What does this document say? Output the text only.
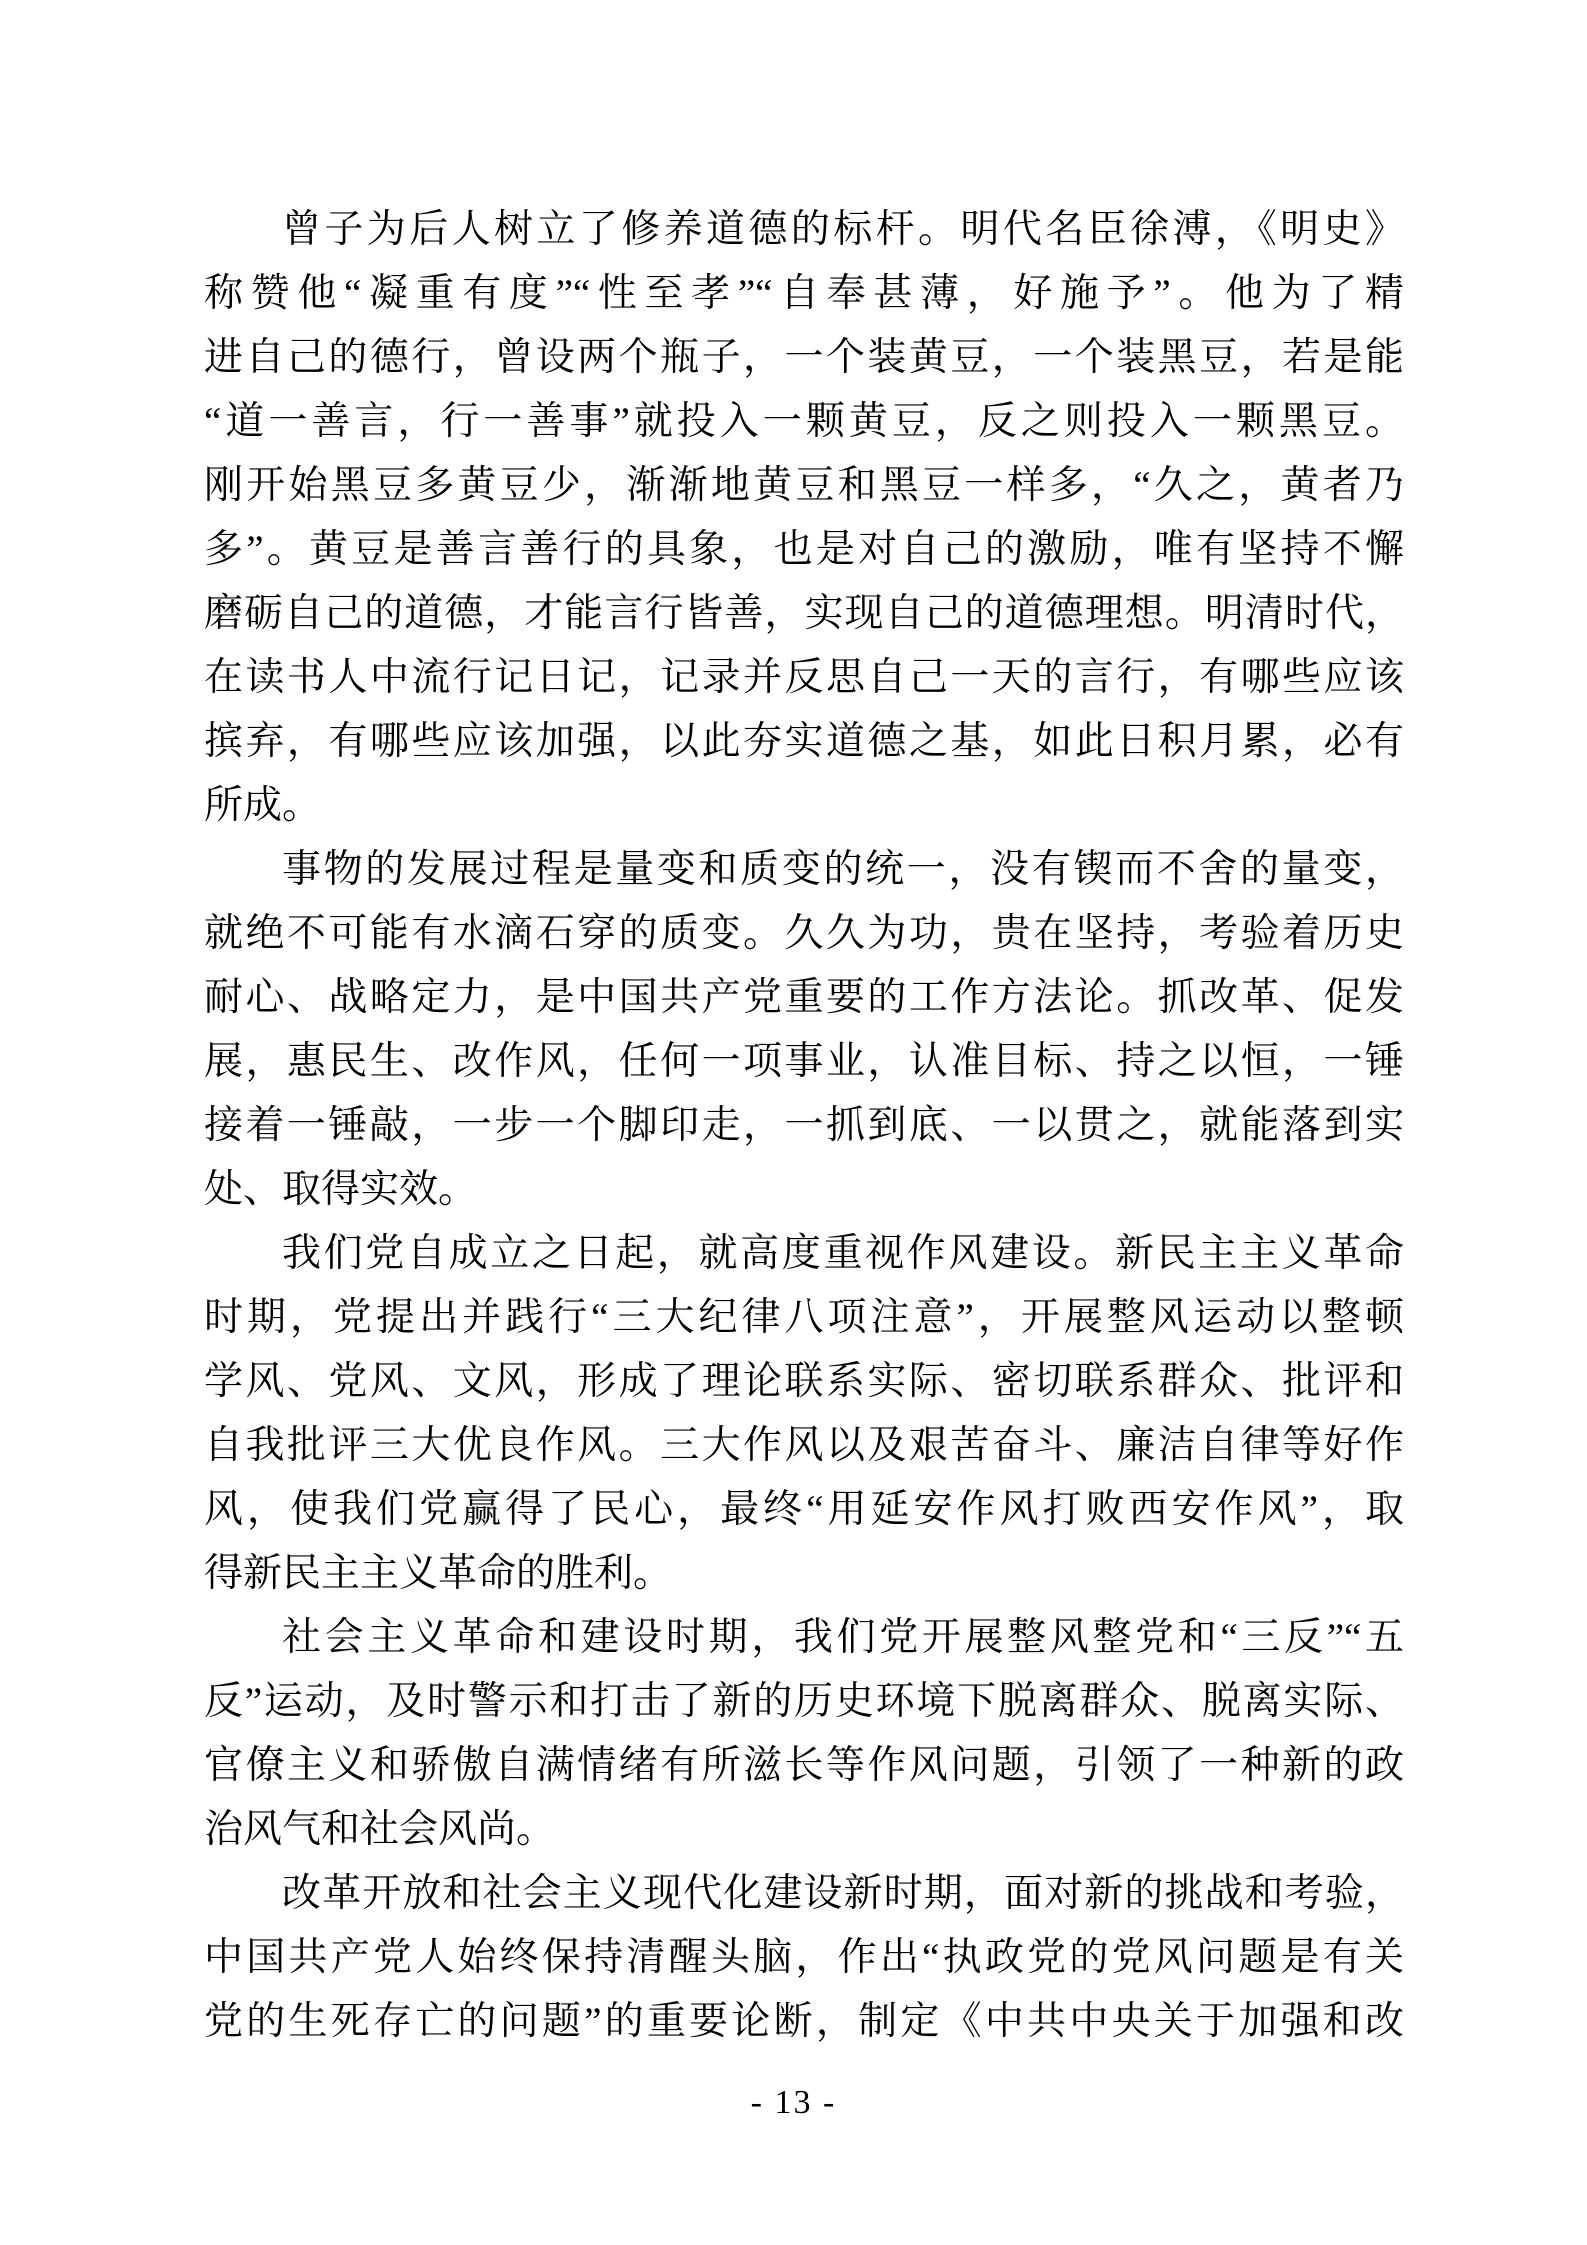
曾子为后人树立了修养道德的标杆。明代名臣徐溥，《明史》
称赞他“凝重有度”“性至孝”“自奉甚薄，好施予”。他为了精
进自己的德行，曾设两个瓶子，一个装黄豆，一个装黑豆，若是能
“道一善言，行一善事”就投入一颗黄豆，反之则投入一颗黑豆。
刚开始黑豆多黄豆少，渐渐地黄豆和黑豆一样多，“久之，黄者乃
多”。黄豆是善言善行的具象，也是对自己的激励，唯有坚持不懈
磨砺自己的道德，才能言行皆善，实现自己的道德理想。明清时代，
在读书人中流行记日记，记录并反思自己一天的言行，有哪些应该
摈弃，有哪些应该加强，以此夯实道德之基，如此日积月累，必有
所成。
事物的发展过程是量变和质变的统一，没有锲而不舍的量变，
就绝不可能有水滴石穿的质变。久久为功，贵在坚持，考验着历史
耐心、战略定力，是中国共产党重要的工作方法论。抓改革、促发
展，惠民生、改作风，任何一项事业，认准目标、持之以恒，一锤
接着一锤敲，一步一个脚印走，一抓到底、一以贯之，就能落到实
处、取得实效。
我们党自成立之日起，就高度重视作风建设。新民主主义革命
时期，党提出并践行“三大纪律八项注意”，开展整风运动以整顿
学风、党风、文风，形成了理论联系实际、密切联系群众、批评和
自我批评三大优良作风。三大作风以及艰苦奋斗、廉洁自律等好作
风，使我们党赢得了民心，最终“用延安作风打败西安作风”，取
得新民主主义革命的胜利。
社会主义革命和建设时期，我们党开展整风整党和“三反”“五
反”运动，及时警示和打击了新的历史环境下脱离群众、脱离实际、
官僚主义和骄傲自满情绪有所滋长等作风问题，引领了一种新的政
治风气和社会风尚。
改革开放和社会主义现代化建设新时期，面对新的挑战和考验，
中国共产党人始终保持清醒头脑，作出“执政党的党风问题是有关
党的生死存亡的问题”的重要论断，制定《中共中央关于加强和改
- 13 -
